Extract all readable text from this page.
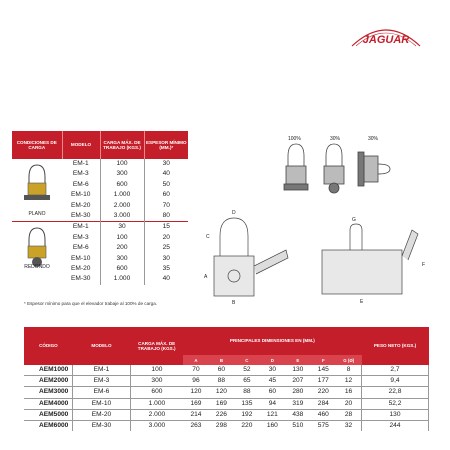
JAGUAR
CONDICIONES DE CARGA	MODELO	CARGA MÁX. DE TRABAJO (KGS.)	ESPESOR MÍNIMO (MM.)*

PLANO	EM-1	100	30
	EM-3	300	40
	EM-6	600	50
	EM-10	1.000	60
	EM-20	2.000	70
	EM-30	3.000	80

REDONDO	EM-1	30	15
	EM-3	100	20
	EM-6	200	25
	EM-10	300	30
	EM-20	600	35
	EM-30	1.000	40
* Espesor mínimo para que el elevador trabaje al 100% de carga.
100%	30%	30%
A
B
C
D
E
F
G
CÓDIGO	MODELO	CARGA MÁX. DE TRABAJO (KGS.)	PRINCIPALES DIMENSIONES EN (MM.)							PESO NETO (KGS.)
			A	B	C	D	E	F	G (Ø)	
AEM1000	EM-1	100	70	60	52	30	130	145	8	2,7
AEM2000	EM-3	300	96	88	65	45	207	177	12	9,4
AEM3000	EM-6	600	120	120	88	60	280	220	16	22,8
AEM4000	EM-10	1.000	169	169	135	94	319	284	20	52,2
AEM5000	EM-20	2.000	214	226	192	121	438	460	28	130
AEM6000	EM-30	3.000	263	298	220	160	510	575	32	244
